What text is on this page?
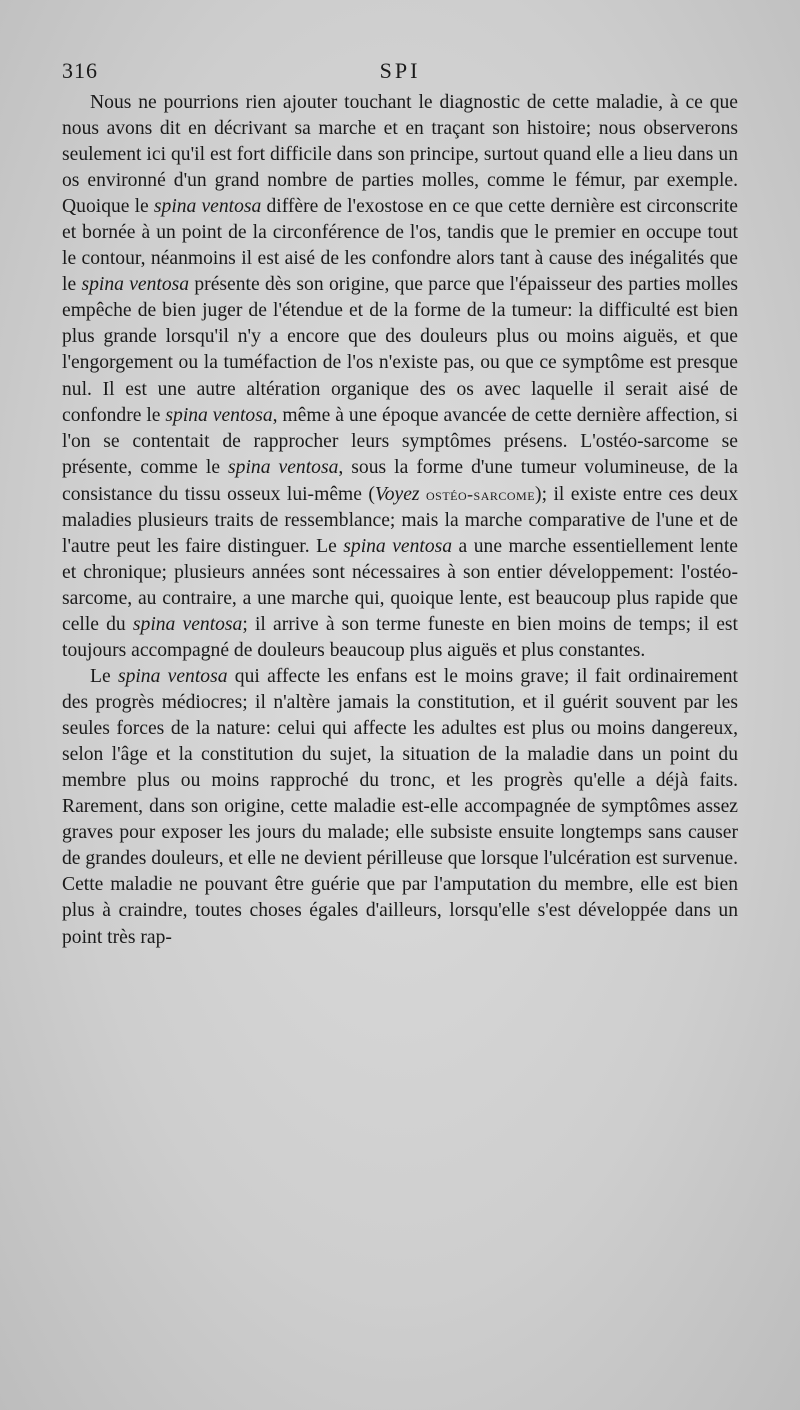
316	SPI

Nous ne pourrions rien ajouter touchant le diagnostic de cette maladie, à ce que nous avons dit en décrivant sa marche et en traçant son histoire; nous observerons seulement ici qu'il est fort difficile dans son principe, surtout quand elle a lieu dans un os environné d'un grand nombre de parties molles, comme le fémur, par exemple. Quoique le spina ventosa diffère de l'exostose en ce que cette dernière est circonscrite et bornée à un point de la circonférence de l'os, tandis que le premier en occupe tout le contour, néanmoins il est aisé de les confondre alors tant à cause des inégalités que le spina ventosa présente dès son origine, que parce que l'épaisseur des parties molles empêche de bien juger de l'étendue et de la forme de la tumeur: la difficulté est bien plus grande lorsqu'il n'y a encore que des douleurs plus ou moins aiguës, et que l'engorgement ou la tuméfaction de l'os n'existe pas, ou que ce symptôme est presque nul. Il est une autre altération organique des os avec laquelle il serait aisé de confondre le spina ventosa, même à une époque avancée de cette dernière affection, si l'on se contentait de rapprocher leurs symptômes présens. L'ostéo-sarcome se présente, comme le spina ventosa, sous la forme d'une tumeur volumineuse, de la consistance du tissu osseux lui-même (Voyez ostéo-sarcome); il existe entre ces deux maladies plusieurs traits de ressemblance; mais la marche comparative de l'une et de l'autre peut les faire distinguer. Le spina ventosa a une marche essentiellement lente et chronique; plusieurs années sont nécessaires à son entier développement: l'ostéo-sarcome, au contraire, a une marche qui, quoique lente, est beaucoup plus rapide que celle du spina ventosa; il arrive à son terme funeste en bien moins de temps; il est toujours accompagné de douleurs beaucoup plus aiguës et plus constantes.

Le spina ventosa qui affecte les enfans est le moins grave; il fait ordinairement des progrès médiocres; il n'altère jamais la constitution, et il guérit souvent par les seules forces de la nature: celui qui affecte les adultes est plus ou moins dangereux, selon l'âge et la constitution du sujet, la situation de la maladie dans un point du membre plus ou moins rapproché du tronc, et les progrès qu'elle a déjà faits. Rarement, dans son origine, cette maladie est-elle accompagnée de symptômes assez graves pour exposer les jours du malade; elle subsiste ensuite longtemps sans causer de grandes douleurs, et elle ne devient périlleuse que lorsque l'ulcération est survenue. Cette maladie ne pouvant être guérie que par l'amputation du membre, elle est bien plus à craindre, toutes choses égales d'ailleurs, lorsqu'elle s'est développée dans un point très rap-
